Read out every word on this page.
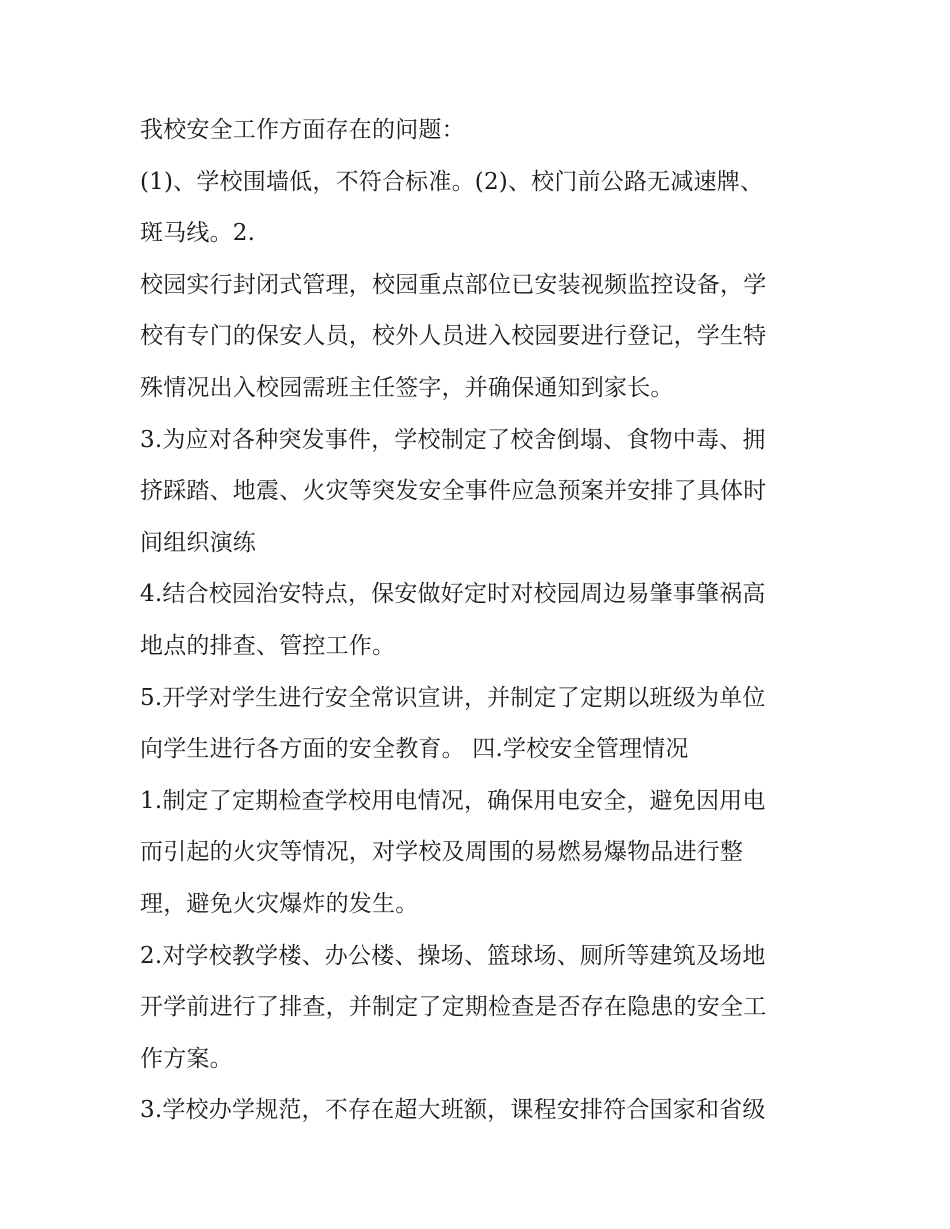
我校安全工作方面存在的问题：
(1)、学校围墙低，不符合标准。(2)、校门前公路无减速牌、
斑马线。2.
校园实行封闭式管理，校园重点部位已安装视频监控设备，学
校有专门的保安人员，校外人员进入校园要进行登记，学生特
殊情况出入校园需班主任签字，并确保通知到家长。
3.为应对各种突发事件，学校制定了校舍倒塌、食物中毒、拥
挤踩踏、地震、火灾等突发安全事件应急预案并安排了具体时
间组织演练
4.结合校园治安特点，保安做好定时对校园周边易肇事肇祸高
地点的排查、管控工作。
5.开学对学生进行安全常识宣讲，并制定了定期以班级为单位
向学生进行各方面的安全教育。 四.学校安全管理情况
1.制定了定期检查学校用电情况，确保用电安全，避免因用电
而引起的火灾等情况，对学校及周围的易燃易爆物品进行整
理，避免火灾爆炸的发生。
2.对学校教学楼、办公楼、操场、篮球场、厕所等建筑及场地
开学前进行了排查，并制定了定期检查是否存在隐患的安全工
作方案。
3.学校办学规范，不存在超大班额，课程安排符合国家和省级
